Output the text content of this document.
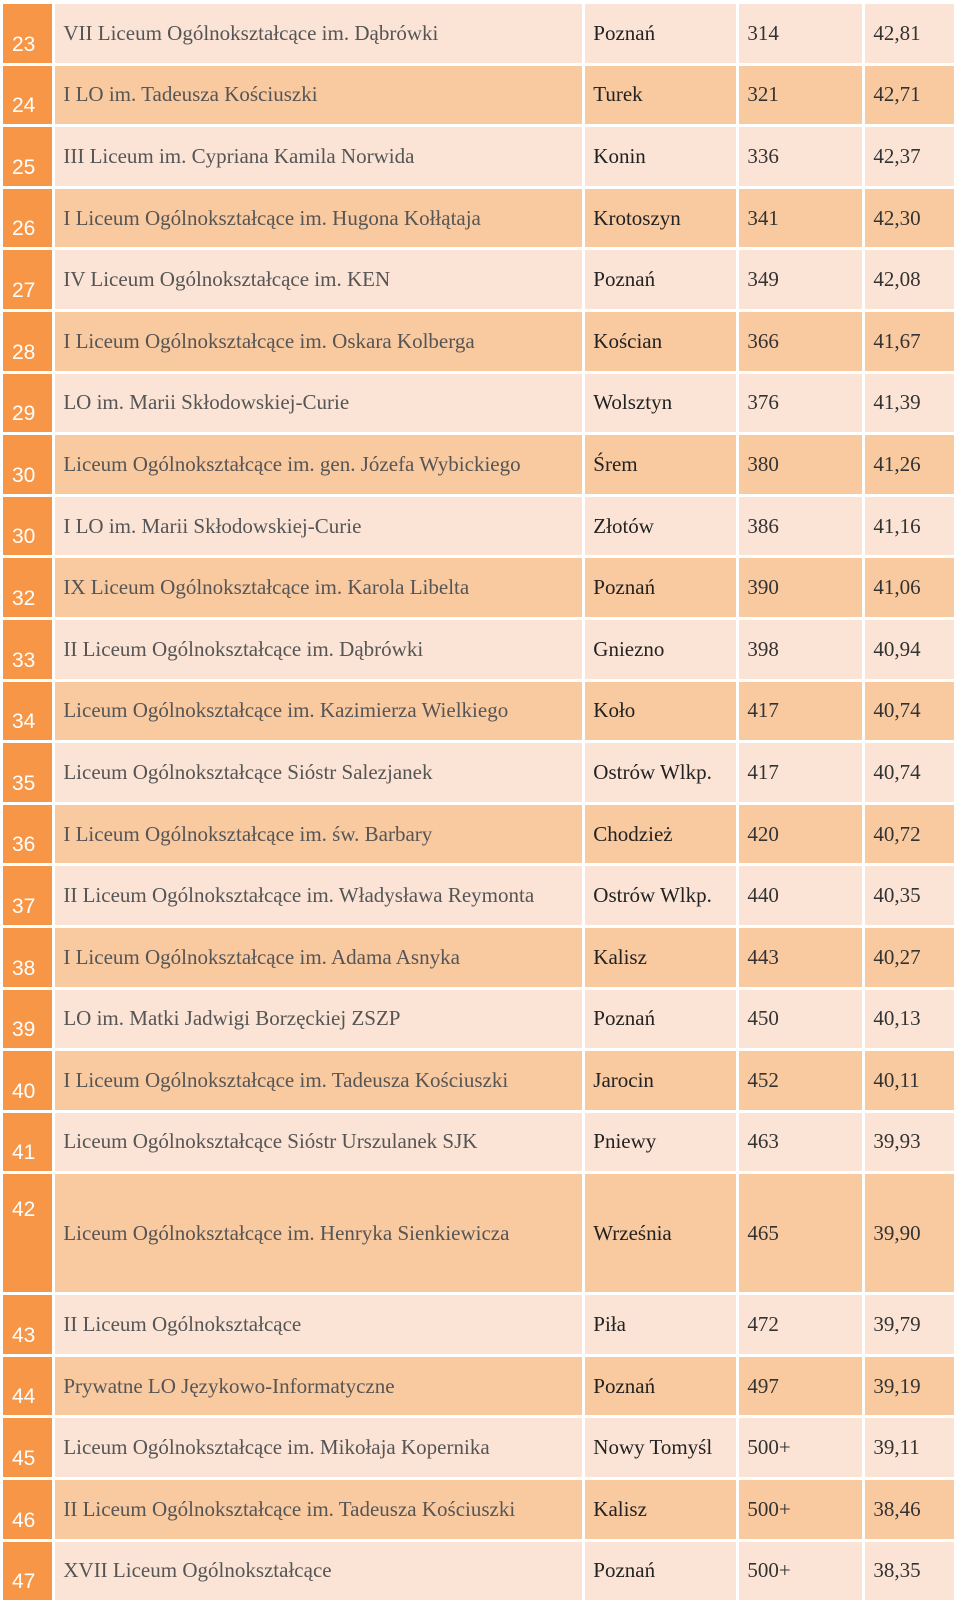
23	VII Liceum Ogólnokształcące im. Dąbrówki	Poznań	314	42,81
24	I LO im. Tadeusza Kościuszki	Turek	321	42,71
25	III Liceum im. Cypriana Kamila Norwida	Konin	336	42,37
26	I Liceum Ogólnokształcące im. Hugona Kołłątaja	Krotoszyn	341	42,30
27	IV Liceum Ogólnokształcące im. KEN	Poznań	349	42,08
28	I Liceum Ogólnokształcące im. Oskara Kolberga	Kościan	366	41,67
29	LO im. Marii Skłodowskiej-Curie	Wolsztyn	376	41,39
30	Liceum Ogólnokształcące im. gen. Józefa Wybickiego	Śrem	380	41,26
30	I LO im. Marii Skłodowskiej-Curie	Złotów	386	41,16
32	IX Liceum Ogólnokształcące im. Karola Libelta	Poznań	390	41,06
33	II Liceum Ogólnokształcące im. Dąbrówki	Gniezno	398	40,94
34	Liceum Ogólnokształcące im. Kazimierza Wielkiego	Koło	417	40,74
35	Liceum Ogólnokształcące Sióstr Salezjanek	Ostrów Wlkp.	417	40,74
36	I Liceum Ogólnokształcące im. św. Barbary	Chodzież	420	40,72
37	II Liceum Ogólnokształcące im. Władysława Reymonta	Ostrów Wlkp.	440	40,35
38	I Liceum Ogólnokształcące im. Adama Asnyka	Kalisz	443	40,27
39	LO im. Matki Jadwigi Borzęckiej ZSZP	Poznań	450	40,13
40	I Liceum Ogólnokształcące im. Tadeusza Kościuszki	Jarocin	452	40,11
41	Liceum Ogólnokształcące Sióstr Urszulanek SJK	Pniewy	463	39,93
42	Liceum Ogólnokształcące im. Henryka Sienkiewicza	Września	465	39,90
43	II Liceum Ogólnokształcące	Piła	472	39,79
44	Prywatne LO Językowo-Informatyczne	Poznań	497	39,19
45	Liceum Ogólnokształcące im. Mikołaja Kopernika	Nowy Tomyśl	500+	39,11
46	II Liceum Ogólnokształcące im. Tadeusza Kościuszki	Kalisz	500+	38,46
47	XVII Liceum Ogólnokształcące	Poznań	500+	38,35
